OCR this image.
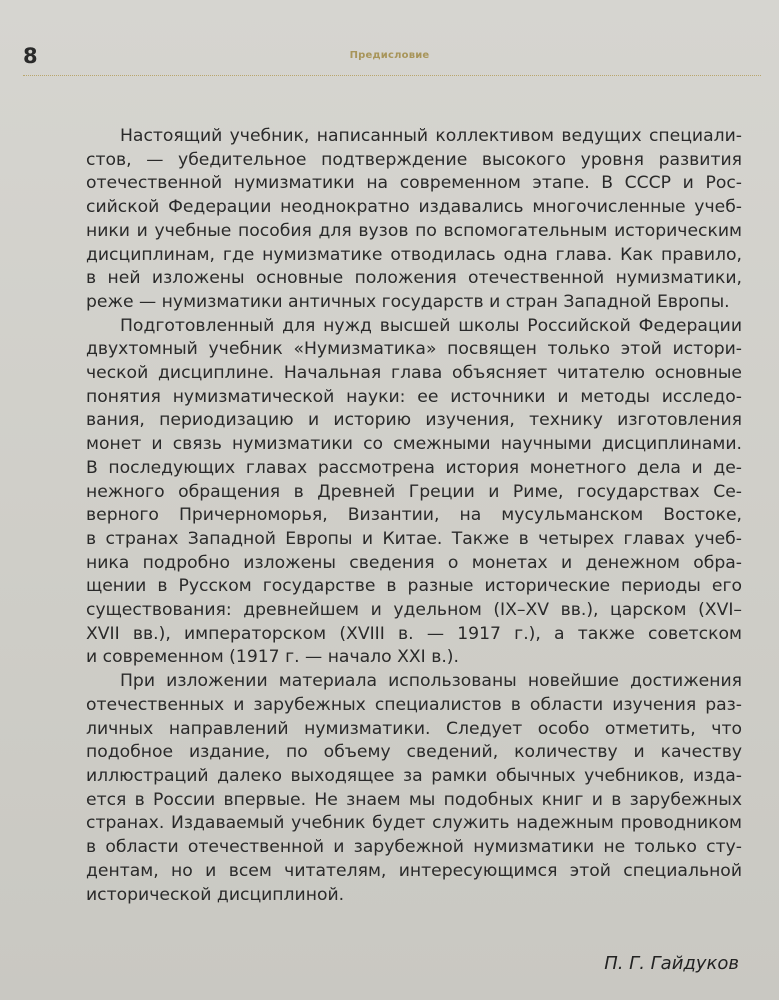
8	Предисловие

Настоящий учебник, написанный коллективом ведущих специали-
стов, — убедительное подтверждение высокого уровня развития
отечественной нумизматики на современном этапе. В СССР и Рос-
сийской Федерации неоднократно издавались многочисленные учеб-
ники и учебные пособия для вузов по вспомогательным историческим
дисциплинам, где нумизматике отводилась одна глава. Как правило,
в ней изложены основные положения отечественной нумизматики,
реже — нумизматики античных государств и стран Западной Европы.

Подготовленный для нужд высшей школы Российской Федерации
двухтомный учебник «Нумизматика» посвящен только этой истори-
ческой дисциплине. Начальная глава объясняет читателю основные
понятия нумизматической науки: ее источники и методы исследо-
вания, периодизацию и историю изучения, технику изготовления
монет и связь нумизматики со смежными научными дисциплинами.
В последующих главах рассмотрена история монетного дела и де-
нежного обращения в Древней Греции и Риме, государствах Се-
верного Причерноморья, Византии, на мусульманском Востоке,
в странах Западной Европы и Китае. Также в четырех главах учеб-
ника подробно изложены сведения о монетах и денежном обра-
щении в Русском государстве в разные исторические периоды его
существования: древнейшем и удельном (IX–XV вв.), царском (XVI–
XVII вв.), императорском (XVIII в. — 1917 г.), а также советском
и современном (1917 г. — начало XXI в.).

При изложении материала использованы новейшие достижения
отечественных и зарубежных специалистов в области изучения раз-
личных направлений нумизматики. Следует особо отметить, что
подобное издание, по объему сведений, количеству и качеству
иллюстраций далеко выходящее за рамки обычных учебников, изда-
ется в России впервые. Не знаем мы подобных книг и в зарубежных
странах. Издаваемый учебник будет служить надежным проводником
в области отечественной и зарубежной нумизматики не только сту-
дентам, но и всем читателям, интересующимся этой специальной
исторической дисциплиной.

П. Г. Гайдуков
